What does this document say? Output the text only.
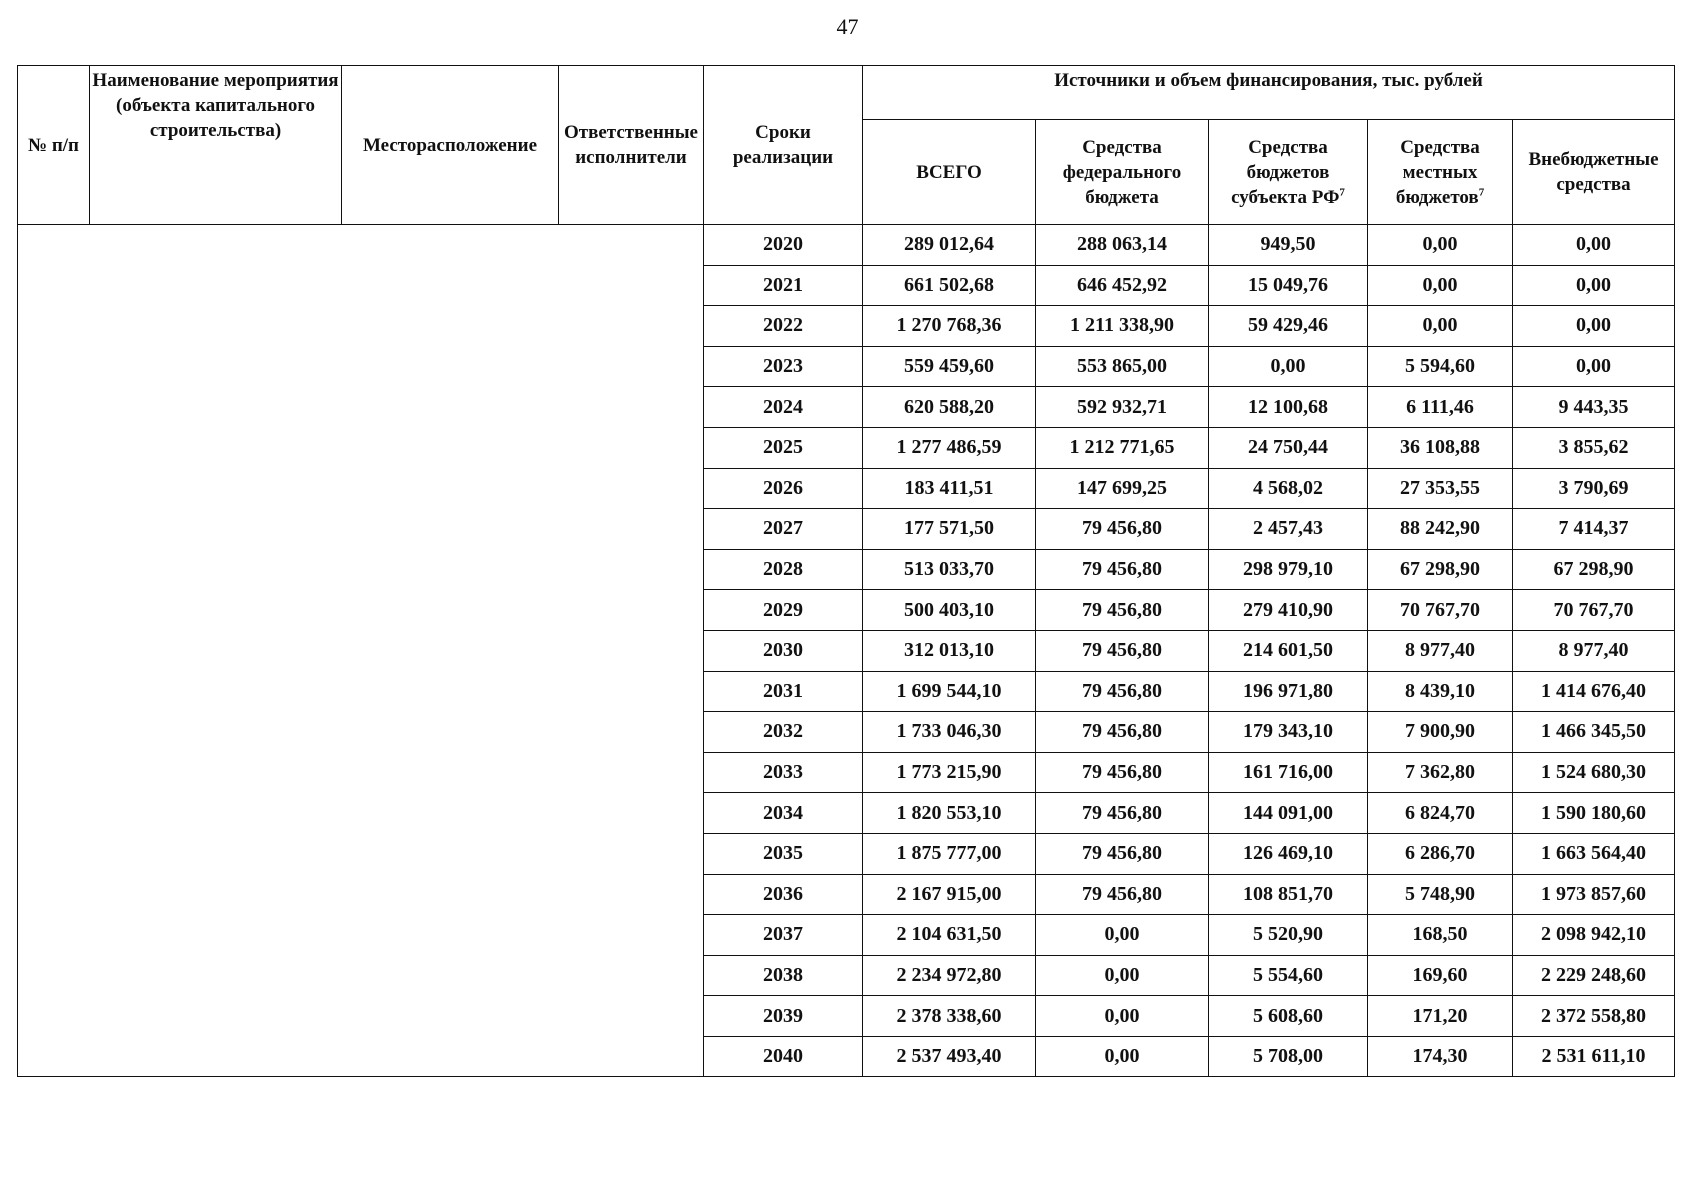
47
№ п/п	Наименование мероприятия (объекта капитального строительства)	Месторасположение	Ответственные исполнители	Сроки реализации	Источники и объем финансирования, тыс. рублей				
					ВСЕГО	Средства федерального бюджета	Средства бюджетов субъекта $РФ^7$	Средства местных бюджетов$^7$	Внебюджетные средства
				2020	289 012,64	288 063,14	949,50	0,00	0,00
				2021	661 502,68	646 452,92	15 049,76	0,00	0,00
				2022	1 270 768,36	1 211 338,90	59 429,46	0,00	0,00
				2023	559 459,60	553 865,00	0,00	5 594,60	0,00
				2024	620 588,20	592 932,71	12 100,68	6 111,46	9 443,35
				2025	1 277 486,59	1 212 771,65	24 750,44	36 108,88	3 855,62
				2026	183 411,51	147 699,25	4 568,02	27 353,55	3 790,69
				2027	177 571,50	79 456,80	2 457,43	88 242,90	7 414,37
				2028	513 033,70	79 456,80	298 979,10	67 298,90	67 298,90
				2029	500 403,10	79 456,80	279 410,90	70 767,70	70 767,70
				2030	312 013,10	79 456,80	214 601,50	8 977,40	8 977,40
				2031	1 699 544,10	79 456,80	196 971,80	8 439,10	1 414 676,40
				2032	1 733 046,30	79 456,80	179 343,10	7 900,90	1 466 345,50
				2033	1 773 215,90	79 456,80	161 716,00	7 362,80	1 524 680,30
				2034	1 820 553,10	79 456,80	144 091,00	6 824,70	1 590 180,60
				2035	1 875 777,00	79 456,80	126 469,10	6 286,70	1 663 564,40
				2036	2 167 915,00	79 456,80	108 851,70	5 748,90	1 973 857,60
				2037	2 104 631,50	0,00	5 520,90	168,50	2 098 942,10
				2038	2 234 972,80	0,00	5 554,60	169,60	2 229 248,60
				2039	2 378 338,60	0,00	5 608,60	171,20	2 372 558,80
				2040	2 537 493,40	0,00	5 708,00	174,30	2 531 611,10
